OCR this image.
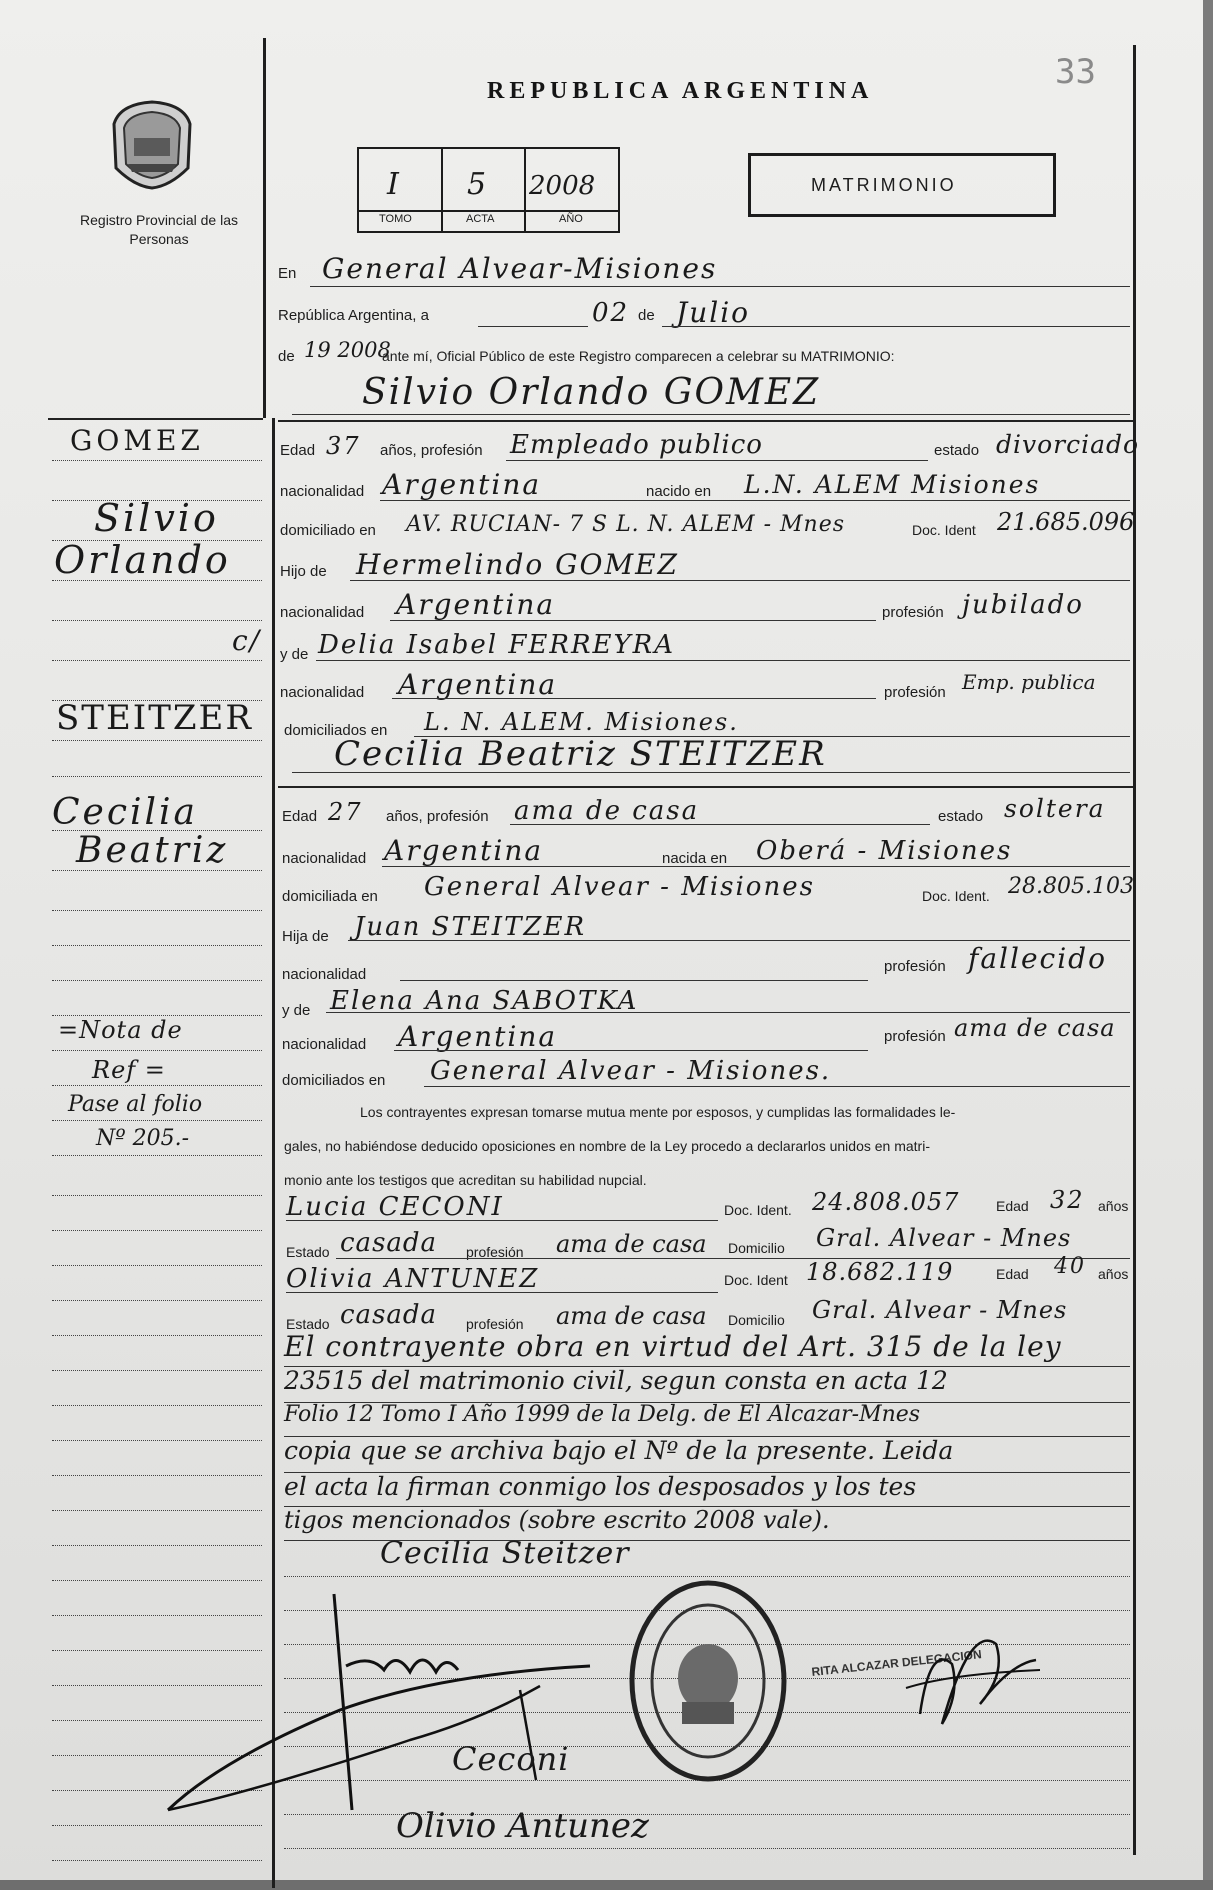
REPUBLICA ARGENTINA	33
Registro Provincial de las Personas
I 5 2008
TOMO	ACTA	AÑO
MATRIMONIO
En General Alvear-Misiones
República Argentina, a	02 de Julio
de 19 2008
ante mí, Oficial Público de este Registro comparecen a celebrar su MATRIMONIO:
Silvio Orlando GOMEZ
Edad 37 años, profesión Empleado publico	estado divorciado
nacionalidad Argentina	nacido en L.N. ALEM Misiones
domiciliado en AV. RUCIAN- 7 S L. N. ALEM - Mnes	Doc. Ident 21.685.096
Hijo de Hermelindo GOMEZ
nacionalidad Argentina	profesión jubilado
y de Delia Isabel FERREYRA
nacionalidad Argentina	profesión Emp. publica
domiciliados en L. N. ALEM. Misiones.
Cecilia Beatriz STEITZER
Edad 27 años, profesión ama de casa	estado soltera
nacionalidad Argentina	nacida en Oberá - Misiones
domiciliada en General Alvear - Misiones	Doc. Ident. 28.805.103
Hija de Juan STEITZER
nacionalidad	profesión fallecido
y de Elena Ana SABOTKA
nacionalidad Argentina	profesión ama de casa
domiciliados en General Alvear - Misiones.
Los contrayentes expresan tomarse mutua mente por esposos, y cumplidas las formalidades le-
gales, no habiéndose deducido oposiciones en nombre de la Ley procedo a declararlos unidos en matri-
monio ante los testigos que acreditan su habilidad nupcial.
Lucia CECONI	Doc. Ident. 24.808.057	Edad 32 años
Estado casada profesión ama de casa Domicilio Gral. Alvear - Mnes
Olivia ANTUNEZ	Doc. Ident 18.682.119	Edad 40 años
Estado casada profesión ama de casa Domicilio Gral. Alvear - Mnes
El contrayente obra en virtud del Art. 315 de la ley
23515 del matrimonio civil, segun consta en acta 12
Folio 12 Tomo I Año 1999 de la Delg. de El Alcazar-Mnes
copia que se archiva bajo el Nº de la presente. Leida
el acta la firman conmigo los desposados y los tes
tigos mencionados (sobre escrito 2008 vale).
GOMEZ
Silvio
Orlando
c/
STEITZER
Cecilia
Beatriz
=Nota de
Ref =
Pase al folio
Nº 205.-
Cecilia Steitzer
RITA ALCAZAR DELEGACION
Ceconi
Olivio Antunez
